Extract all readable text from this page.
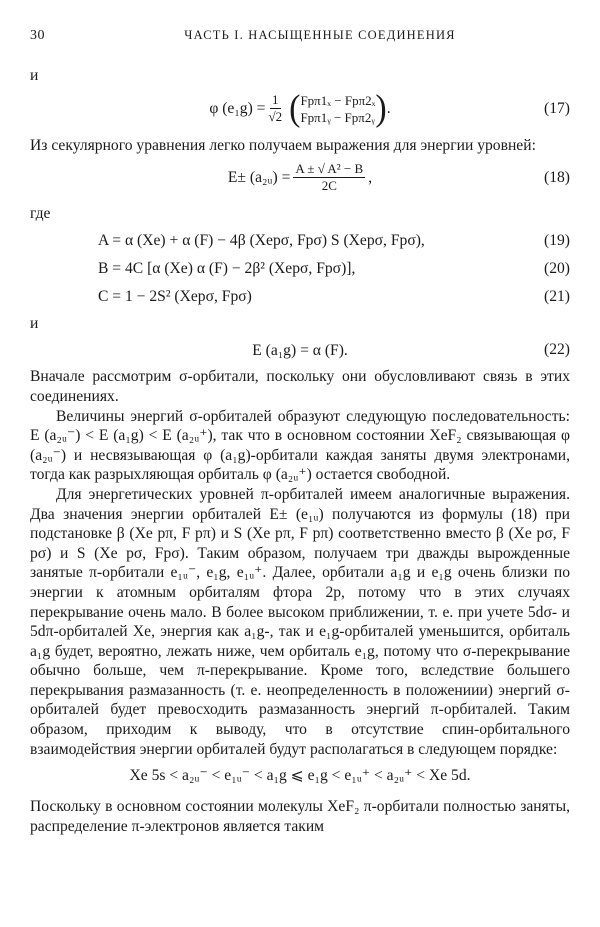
30	ЧАСТЬ I. НАСЫЩЕННЫЕ СОЕДИНЕНИЯ

и

φ $(e_1g) = \frac{1}{√2}$ ( Fpπ1ₓ − Fpπ2ₓ
Fpπ1ᵧ − Fpπ2ᵧ ) .	(17)

Из секулярного уравнения легко получаем выражения для энергии уровней:

E± (a₂ᵤ) = $\frac{\text{A ± √ A² − B}}{2C}$ ,	(18)

где

A = α (Xe) + α (F) − 4β (Xepσ, Fpσ) S (Xepσ, Fpσ),	(19)
B = 4C [α (Xe) α (F) − 2β² (Xepσ, Fpσ)],	(20)
C = 1 − 2S² (Xepσ, Fpσ)	(21)

и

E (a₁g) = α (F).	(22)

Вначале рассмотрим σ-орбитали, поскольку они обусловливают связь в этих соединениях.

Величины энергий σ-орбиталей образуют следующую последовательность: E (a₂ᵤ⁻) < E (a₁g) < E (a₂ᵤ⁺), так что в основном состоянии XeF₂ связывающая φ (a₂ᵤ⁻) и несвязывающая φ (a₁g)-орбитали каждая заняты двумя электронами, тогда как разрыхляющая орбиталь φ (a₂ᵤ⁺) остается свободной.

Для энергетических уровней π-орбиталей имеем аналогичные выражения. Два значения энергии орбиталей E± (e₁ᵤ) получаются из формулы (18) при подстановке β (Xe pπ, F pπ) и S (Xe pπ, F pπ) соответственно вместо β (Xe pσ, F pσ) и S (Xe pσ, Fpσ). Таким образом, получаем три дважды вырожденные занятые π-орбитали e₁ᵤ⁻, e₁g, e₁ᵤ⁺. Далее, орбитали a₁g и e₁g очень близки по энергии к атомным орбиталям фтора 2p, потому что в этих случаях перекрывание очень мало. В более высоком приближении, т. е. при учете 5dσ- и 5dπ-орбиталей Xe, энергия как a₁g-, так и e₁g-орбиталей уменьшится, орбиталь a₁g будет, вероятно, лежать ниже, чем орбиталь e₁g, потому что σ-перекрывание обычно больше, чем π-перекрывание. Кроме того, вследствие большего перекрывания размазанность (т. е. неопределенность в положениии) энергий σ-орбиталей будет превосходить размазанность энергий π-орбиталей. Таким образом, приходим к выводу, что в отсутствие спин-орбитального взаимодействия энергии орбиталей будут располагаться в следующем порядке:

Xe 5s < a₂ᵤ⁻ < e₁ᵤ⁻ < a₁g ⩽ e₁g < e₁ᵤ⁺ < a₂ᵤ⁺ < Xe 5d.

Поскольку в основном состоянии молекулы XeF₂ π-орбитали полностью заняты, распределение π-электронов является таким
